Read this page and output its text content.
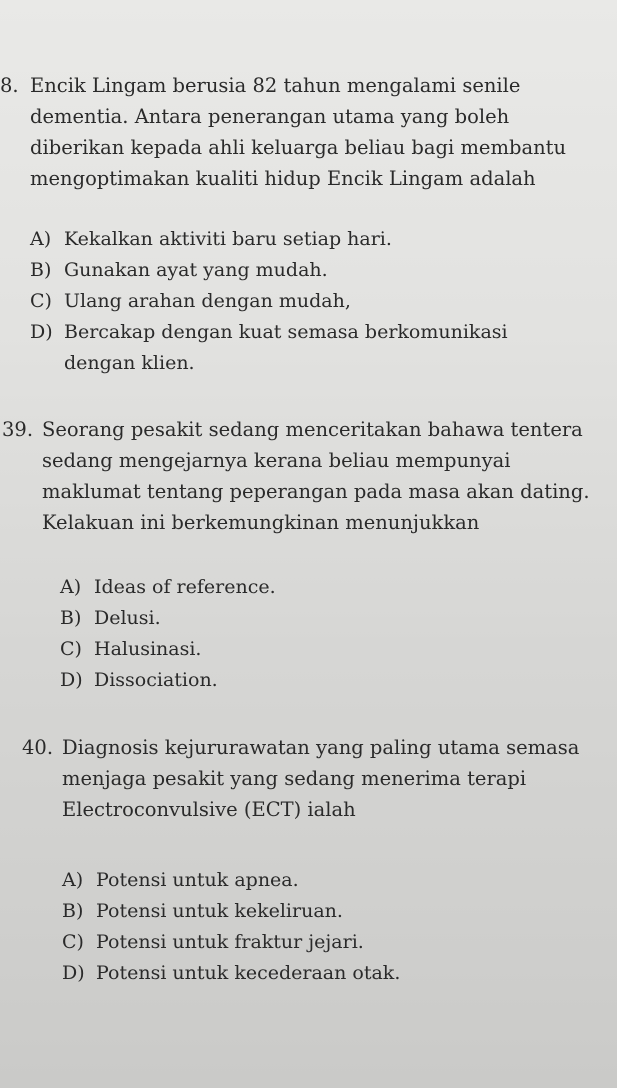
8. Encik Lingam berusia 82 tahun mengalami senile
dementia. Antara penerangan utama yang boleh
diberikan kepada ahli keluarga beliau bagi membantu
mengoptimakan kualiti hidup Encik Lingam adalah

A) Kekalkan aktiviti baru setiap hari.
B) Gunakan ayat yang mudah.
C) Ulang arahan dengan mudah,
D) Bercakap dengan kuat semasa berkomunikasi
dengan klien.

39. Seorang pesakit sedang menceritakan bahawa tentera
sedang mengejarnya kerana beliau mempunyai
maklumat tentang peperangan pada masa akan dating.
Kelakuan ini berkemungkinan menunjukkan

A) Ideas of reference.
B) Delusi.
C) Halusinasi.
D) Dissociation.

40. Diagnosis kejururawatan yang paling utama semasa
menjaga pesakit yang sedang menerima terapi
Electroconvulsive (ECT) ialah

A) Potensi untuk apnea.
B) Potensi untuk kekeliruan.
C) Potensi untuk fraktur jejari.
D) Potensi untuk kecederaan otak.
